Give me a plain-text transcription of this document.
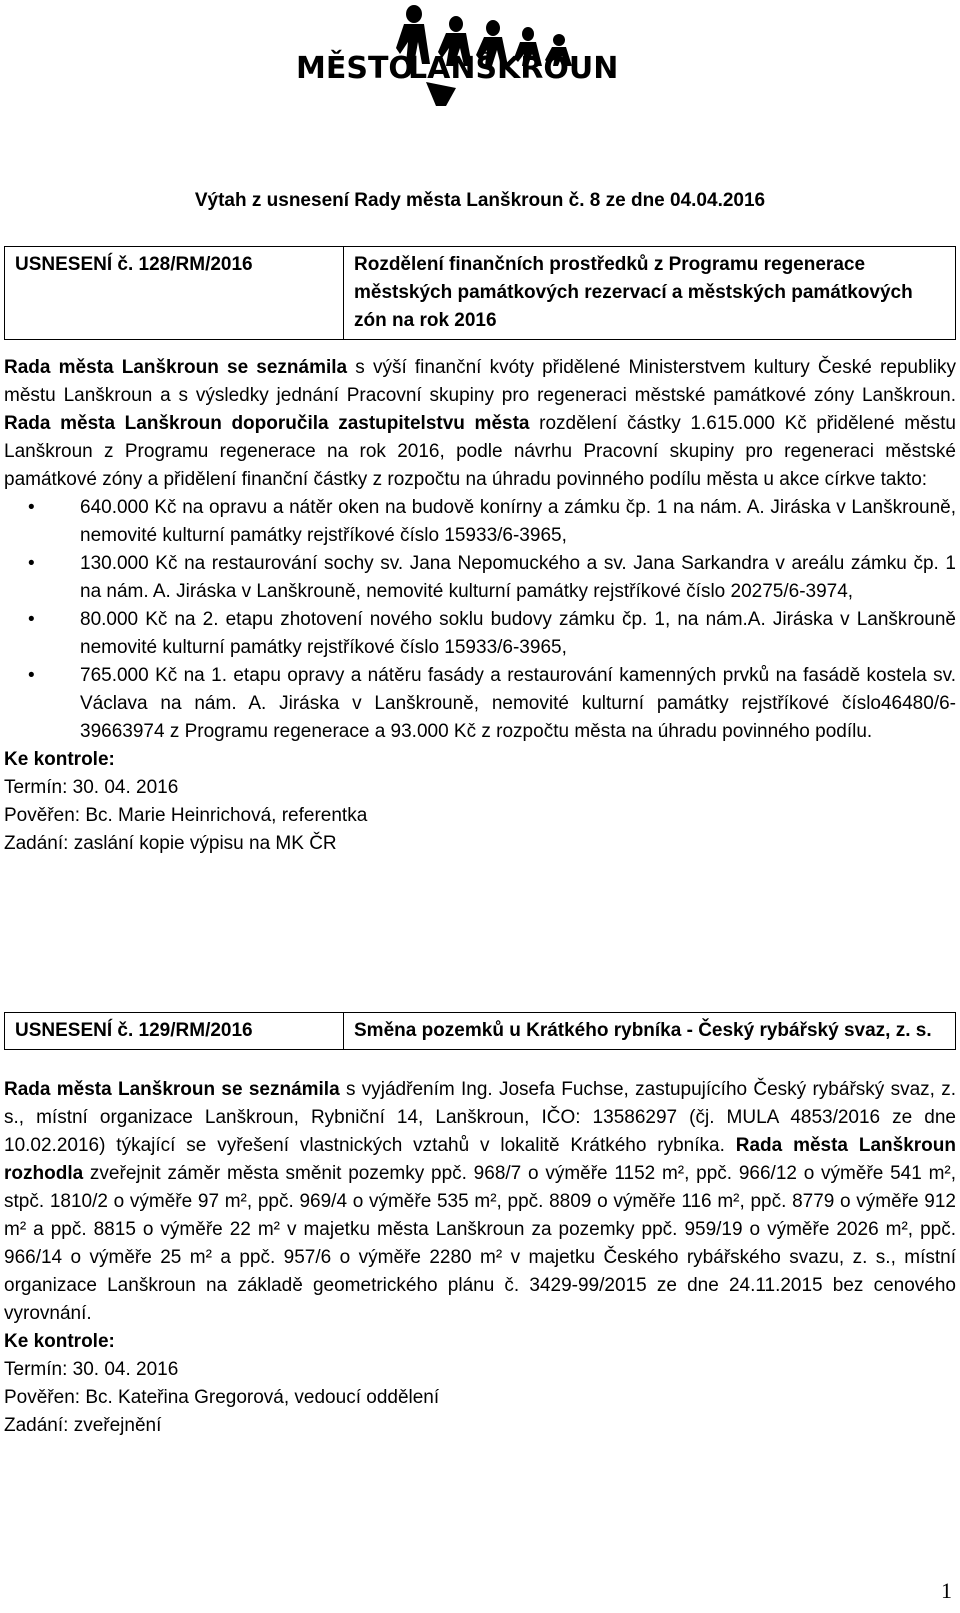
MĚSTO
LANŠKROUN
Výtah z usnesení Rady města Lanškroun č. 8 ze dne 04.04.2016
USNESENÍ č. 128/RM/2016	Rozdělení finančních prostředků z Programu regenerace městských památkových rezervací a městských památkových zón na rok 2016

Rada města Lanškroun se seznámila s výší finanční kvóty přidělené Ministerstvem kultury České republiky městu Lanškroun a s výsledky jednání Pracovní skupiny pro regeneraci městské památkové zóny Lanškroun. Rada města Lanškroun doporučila zastupitelstvu města rozdělení částky 1.615.000 Kč přidělené městu Lanškroun z Programu regenerace na rok 2016, podle návrhu Pracovní skupiny pro regeneraci městské památkové zóny a přidělení finanční částky z rozpočtu na úhradu povinného podílu města u akce církve takto:

• 640.000 Kč na opravu a nátěr oken na budově konírny a zámku čp. 1 na nám. A. Jiráska v Lanškrouně, nemovité kulturní památky rejstříkové číslo 15933/6-3965,
• 130.000 Kč na restaurování sochy sv. Jana Nepomuckého a sv. Jana Sarkandra v areálu zámku čp. 1 na nám. A. Jiráska v Lanškrouně, nemovité kulturní památky rejstříkové číslo 20275/6-3974,
• 80.000 Kč na 2. etapu zhotovení nového soklu budovy zámku čp. 1, na nám.A. Jiráska v Lanškrouně nemovité kulturní památky rejstříkové číslo 15933/6-3965,
• 765.000 Kč na 1. etapu opravy a nátěru fasády a restaurování kamenných prvků na fasádě kostela sv. Václava na nám. A. Jiráska v Lanškrouně, nemovité kulturní památky rejstříkové číslo46480/6-39663974 z Programu regenerace a 93.000 Kč z rozpočtu města na úhradu povinného podílu.

Ke kontrole:

Termín: 30. 04. 2016

Pověřen: Bc. Marie Heinrichová, referentka

Zadání: zaslání kopie výpisu na MK ČR

USNESENÍ č. 129/RM/2016	Směna pozemků u Krátkého rybníka - Český rybářský svaz, z. s.

Rada města Lanškroun se seznámila s vyjádřením Ing. Josefa Fuchse, zastupujícího Český rybářský svaz, z. s., místní organizace Lanškroun, Rybniční 14, Lanškroun, IČO: 13586297 (čj. MULA 4853/2016 ze dne 10.02.2016) týkající se vyřešení vlastnických vztahů v lokalitě Krátkého rybníka. Rada města Lanškroun rozhodla zveřejnit záměr města směnit pozemky ppč. 968/7 o výměře 1152 m², ppč. 966/12 o výměře 541 m², stpč. 1810/2 o výměře 97 m², ppč. 969/4 o výměře 535 m², ppč. 8809 o výměře 116 m², ppč. 8779 o výměře 912 m² a ppč. 8815 o výměře 22 m² v majetku města Lanškroun za pozemky ppč. 959/19 o výměře 2026 m², ppč. 966/14 o výměře 25 m² a ppč. 957/6 o výměře 2280 m² v majetku Českého rybářského svazu, z. s., místní organizace Lanškroun na základě geometrického plánu č. 3429-99/2015 ze dne 24.11.2015 bez cenového vyrovnání.

Ke kontrole:

Termín: 30. 04. 2016

Pověřen: Bc. Kateřina Gregorová, vedoucí oddělení

Zadání: zveřejnění

1
